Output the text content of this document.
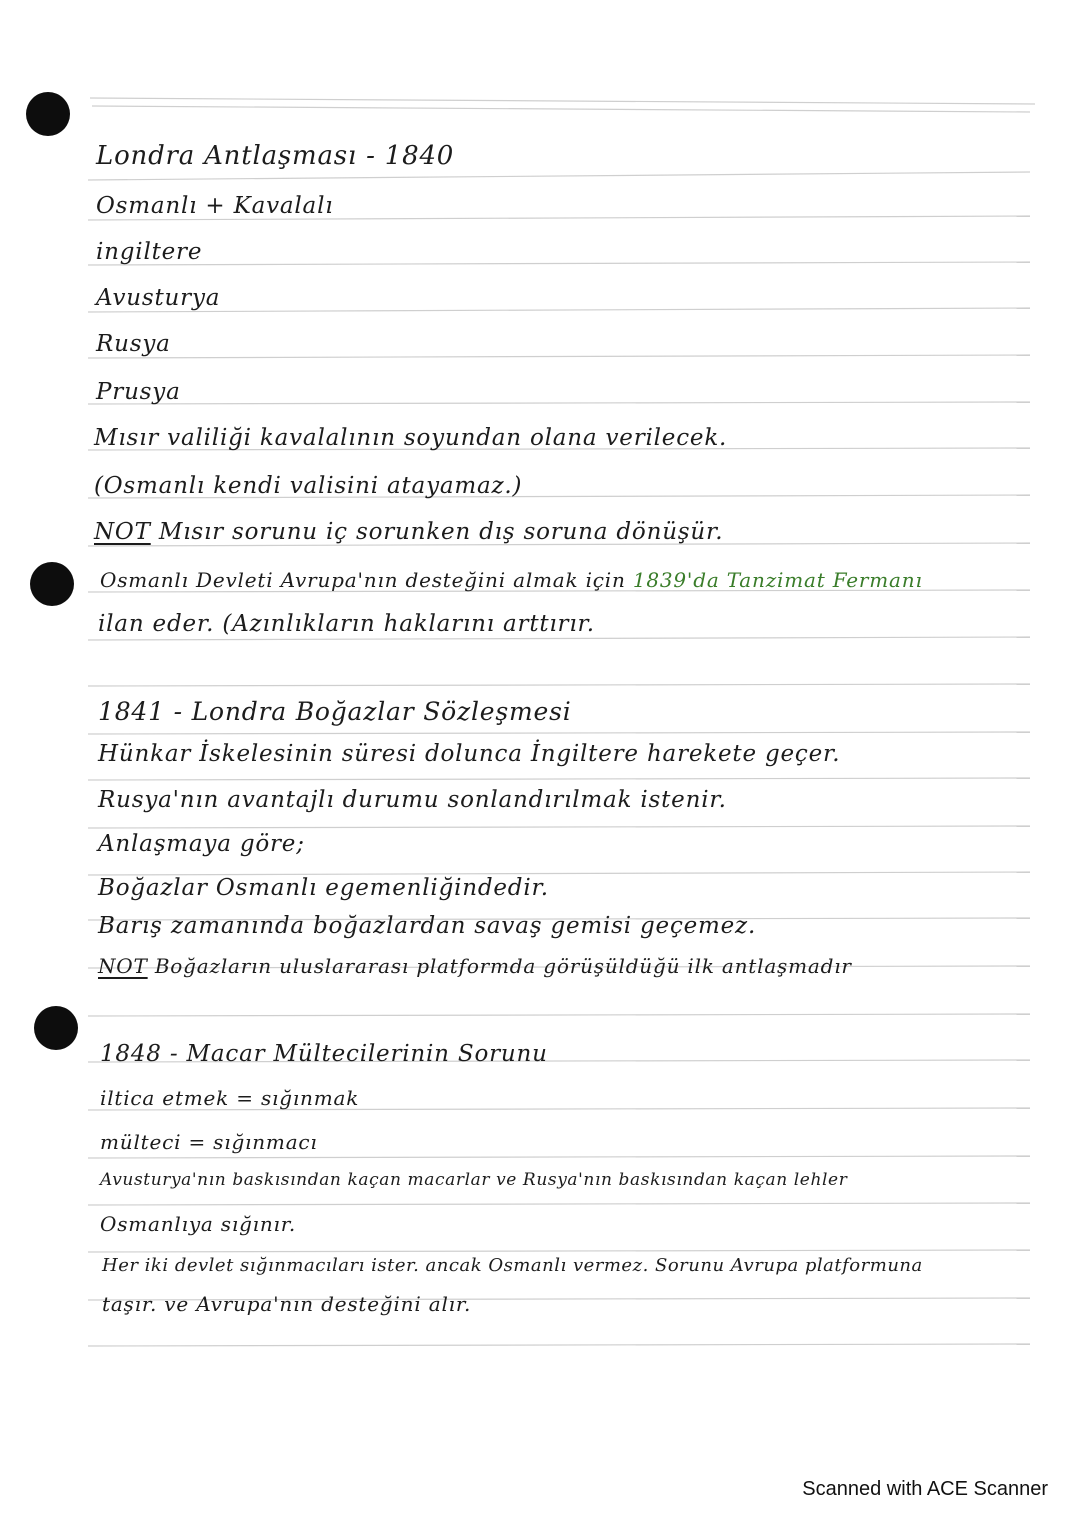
Londra Antlaşması - 1840
Osmanlı + Kavalalı
ingiltere
Avusturya
Rusya
Prusya
Mısır valiliği kavalalının soyundan olana verilecek.
(Osmanlı kendi valisini atayamaz.)
NOT Mısır sorunu iç sorunken dış soruna dönüşür.
Osmanlı Devleti Avrupa'nın desteğini almak için 1839'da Tanzimat Fermanı
ilan eder. (Azınlıkların haklarını arttırır.
1841 - Londra Boğazlar Sözleşmesi
Hünkar İskelesinin süresi dolunca İngiltere harekete geçer.
Rusya'nın avantajlı durumu sonlandırılmak istenir.
Anlaşmaya göre;
Boğazlar Osmanlı egemenliğindedir.
Barış zamanında boğazlardan savaş gemisi geçemez.
NOT Boğazların uluslararası platformda görüşüldüğü ilk antlaşmadır
1848 - Macar Mültecilerinin Sorunu
iltica etmek = sığınmak
mülteci = sığınmacı
Avusturya'nın baskısından kaçan macarlar ve Rusya'nın baskısından kaçan lehler
Osmanlıya sığınır.
Her iki devlet sığınmacıları ister. ancak Osmanlı vermez. Sorunu Avrupa platformuna
taşır. ve Avrupa'nın desteğini alır.
Scanned with ACE Scanner
